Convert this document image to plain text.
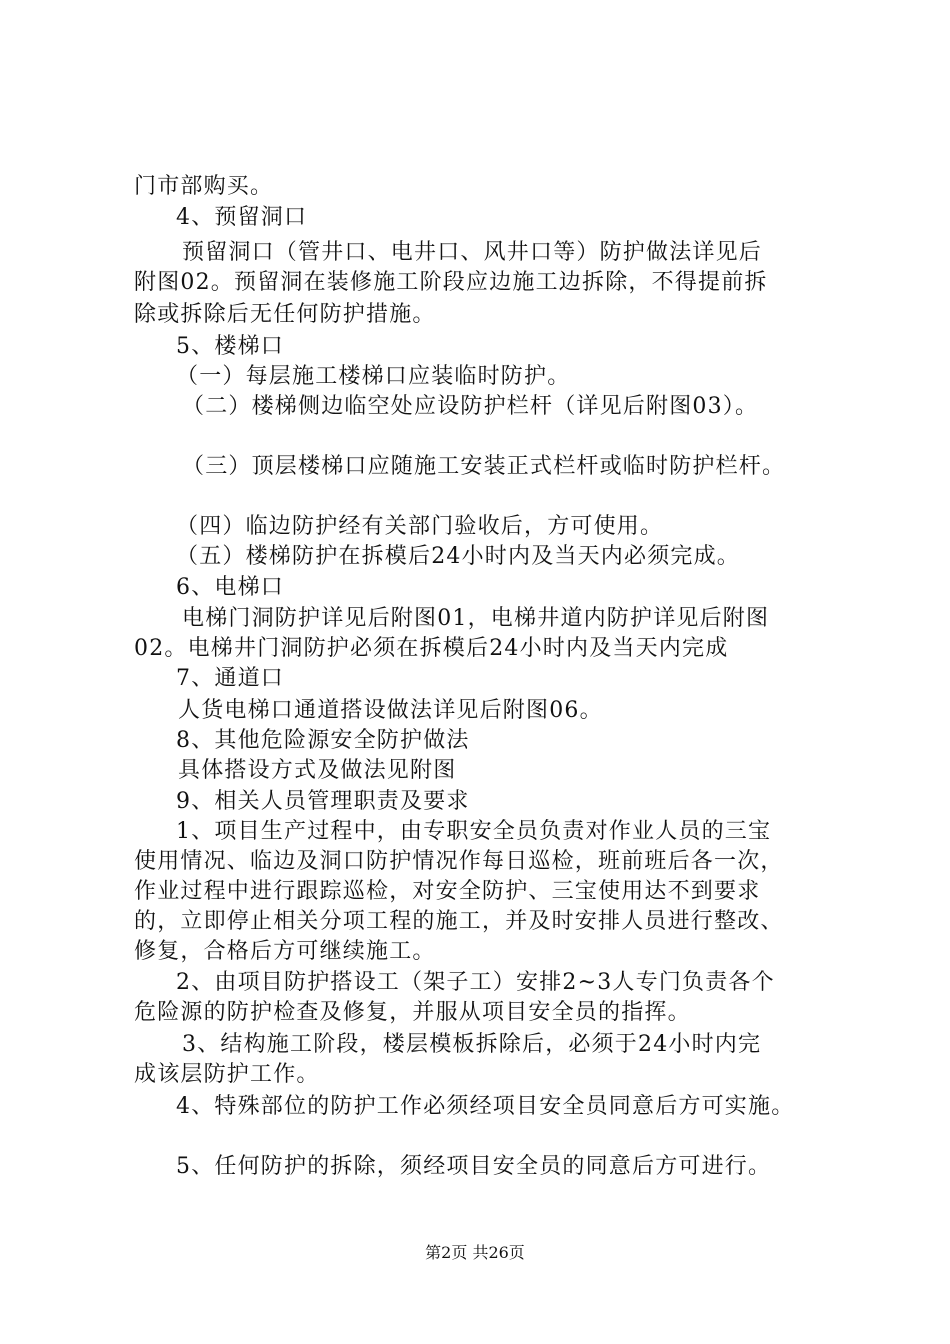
门市部购买。
4、预留洞口
预留洞口（管井口、电井口、风井口等）防护做法详见后
附图02。预留洞在装修施工阶段应边施工边拆除，不得提前拆
除或拆除后无任何防护措施。
5、楼梯口
（一）每层施工楼梯口应装临时防护。
（二）楼梯侧边临空处应设防护栏杆（详见后附图03）。
（三）顶层楼梯口应随施工安装正式栏杆或临时防护栏杆。
（四）临边防护经有关部门验收后，方可使用。
（五）楼梯防护在拆模后24小时内及当天内必须完成。
6、电梯口
电梯门洞防护详见后附图01，电梯井道内防护详见后附图
02。电梯井门洞防护必须在拆模后24小时内及当天内完成
7、通道口
人货电梯口通道搭设做法详见后附图06。
8、其他危险源安全防护做法
具体搭设方式及做法见附图
9、相关人员管理职责及要求
1、项目生产过程中，由专职安全员负责对作业人员的三宝
使用情况、临边及洞口防护情况作每日巡检，班前班后各一次，
作业过程中进行跟踪巡检，对安全防护、三宝使用达不到要求
的，立即停止相关分项工程的施工，并及时安排人员进行整改、
修复，合格后方可继续施工。
2、由项目防护搭设工（架子工）安排2~3人专门负责各个
危险源的防护检查及修复，并服从项目安全员的指挥。
3、结构施工阶段，楼层模板拆除后，必须于24小时内完
成该层防护工作。
4、特殊部位的防护工作必须经项目安全员同意后方可实施。
5、任何防护的拆除，须经项目安全员的同意后方可进行。
第2页 共26页
